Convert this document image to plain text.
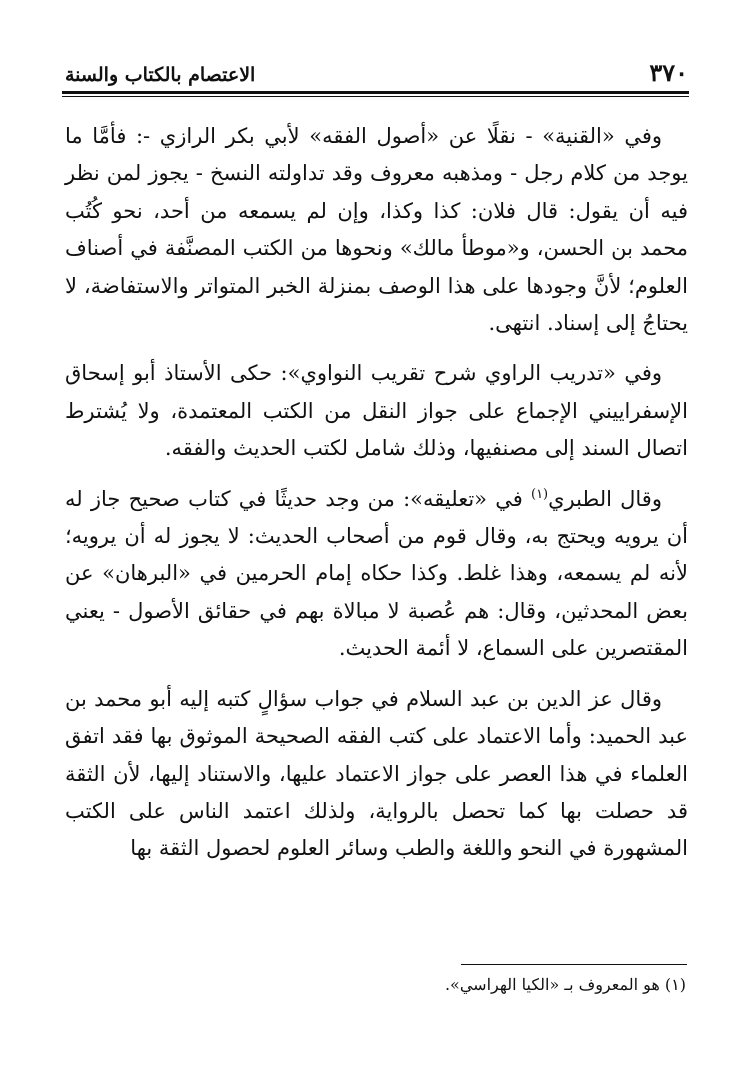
٣٧٠
الاعتصام بالكتاب والسنة

وفي «القنية» - نقلًا عن «أصول الفقه» لأبي بكر الرازي -: فأمَّا ما يوجد من كلام رجل - ومذهبه معروف وقد تداولته النسخ - يجوز لمن نظر فيه أن يقول: قال فلان: كذا وكذا، وإن لم يسمعه من أحد، نحو كُتُب محمد بن الحسن، و«موطأ مالك» ونحوها من الكتب المصنَّفة في أصناف العلوم؛ لأنَّ وجودها على هذا الوصف بمنزلة الخبر المتواتر والاستفاضة، لا يحتاجُ إلى إسناد. انتهى.

وفي «تدريب الراوي شرح تقريب النواوي»: حكى الأستاذ أبو إسحاق الإسفراييني الإجماع على جواز النقل من الكتب المعتمدة، ولا يُشترط اتصال السند إلى مصنفيها، وذلك شامل لكتب الحديث والفقه.

وقال الطبري$^{(١)}$ في «تعليقه»: من وجد حديثًا في كتاب صحيح جاز له أن يرويه ويحتج به، وقال قوم من أصحاب الحديث: لا يجوز له أن يرويه؛ لأنه لم يسمعه، وهذا غلط. وكذا حكاه إمام الحرمين في «البرهان» عن بعض المحدثين، وقال: هم عُصبة لا مبالاة بهم في حقائق الأصول - يعني المقتصرين على السماع، لا أئمة الحديث.

وقال عز الدين بن عبد السلام في جواب سؤالٍ كتبه إليه أبو محمد بن عبد الحميد: وأما الاعتماد على كتب الفقه الصحيحة الموثوق بها فقد اتفق العلماء في هذا العصر على جواز الاعتماد عليها، والاستناد إليها، لأن الثقة قد حصلت بها كما تحصل بالرواية، ولذلك اعتمد الناس على الكتب المشهورة في النحو واللغة والطب وسائر العلوم لحصول الثقة بها

(١) هو المعروف بـ «الكيا الهراسي».
